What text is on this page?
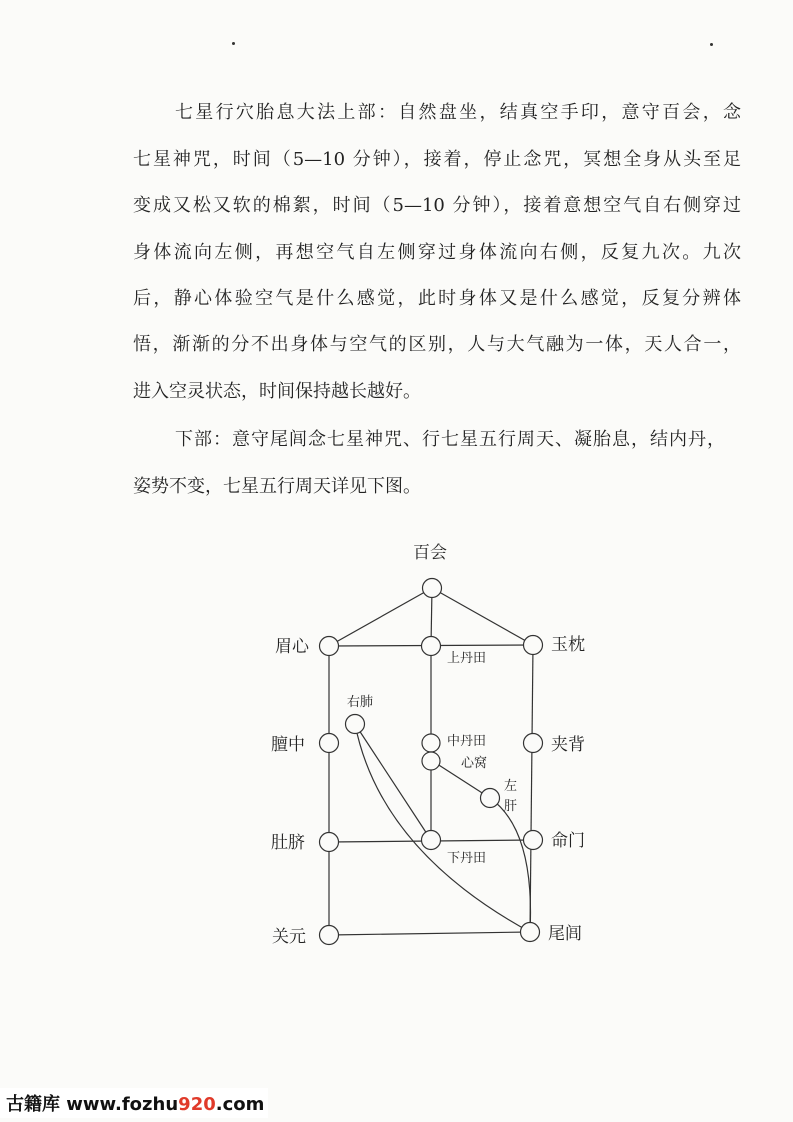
七星行穴胎息大法上部：自然盘坐，结真空手印，意守百会，念
七星神咒，时间（5—10 分钟），接着，停止念咒，冥想全身从头至足
变成又松又软的棉絮，时间（5—10 分钟），接着意想空气自右侧穿过
身体流向左侧，再想空气自左侧穿过身体流向右侧，反复九次。九次
后，静心体验空气是什么感觉，此时身体又是什么感觉，反复分辨体
悟，渐渐的分不出身体与空气的区别，人与大气融为一体，天人合一，
进入空灵状态，时间保持越长越好。
下部：意守尾闾念七星神咒、行七星五行周天、凝胎息，结内丹，
姿势不变，七星五行周天详见下图。
百会
眉心
上丹田
玉枕
右肺
膻中	中丹田
心窝
夹背
左
肝
肚脐
下丹田
命门
关元	尾闾
古籍库 www.fozhu920.com
